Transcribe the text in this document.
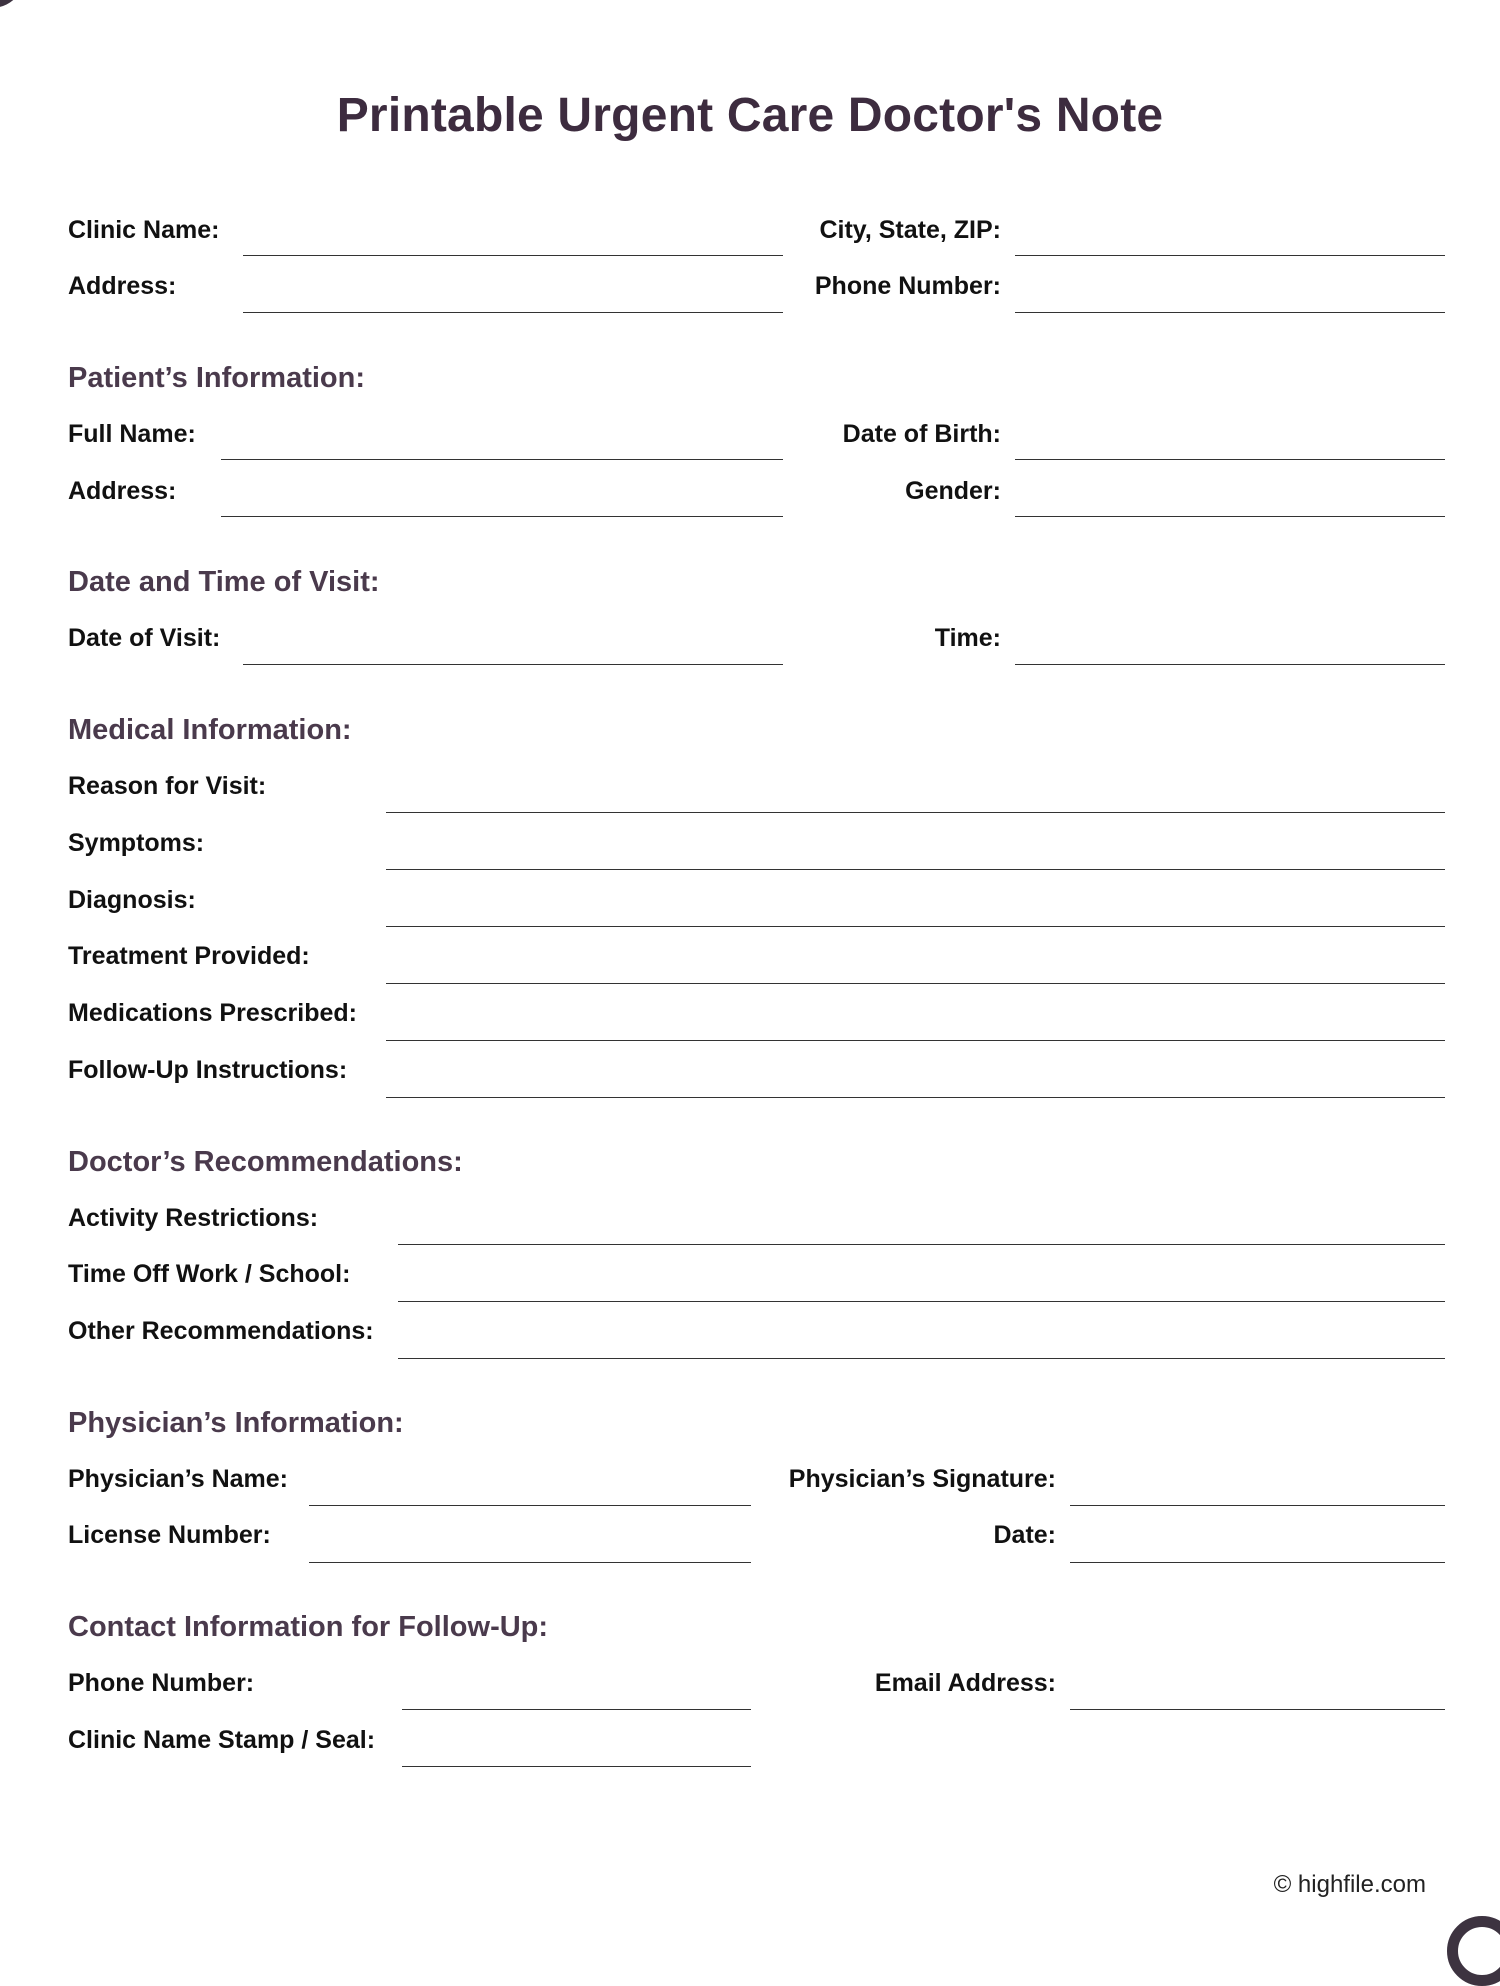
Printable Urgent Care Doctor's Note
Clinic Name:
Address:
City, State, ZIP:
Phone Number:
Patient’s Information:
Full Name:
Address:
Date of Birth:
Gender:
Date and Time of Visit:
Date of Visit:	Time:
Medical Information:
Reason for Visit:
Symptoms:
Diagnosis:
Treatment Provided:
Medications Prescribed:
Follow-Up Instructions:
Doctor’s Recommendations:
Activity Restrictions:
Time Off Work / School:
Other Recommendations:
Physician’s Information:
Physician’s Name:
License Number:
Physician’s Signature:
Date:
Contact Information for Follow-Up:
Phone Number:
Clinic Name Stamp / Seal:
Email Address:
© highfile.com
